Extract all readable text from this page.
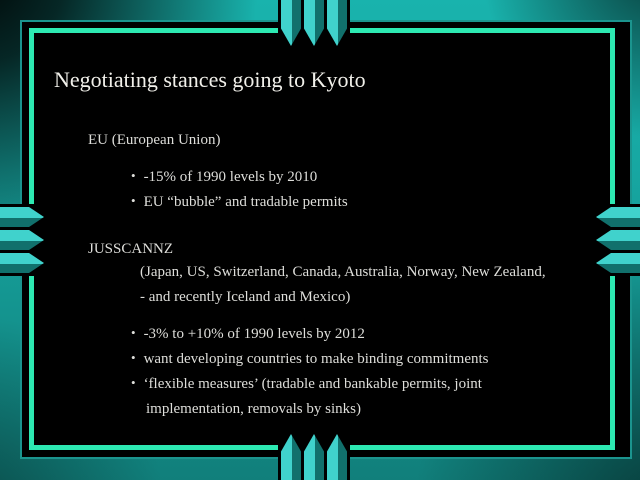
Negotiating stances going to Kyoto
EU (European Union)
• -15% of 1990 levels by 2010
• EU “bubble” and tradable permits
JUSSCANNZ
(Japan, US, Switzerland, Canada, Australia, Norway, New Zealand,
- and recently Iceland and Mexico)
• -3% to +10% of 1990 levels by 2012
• want developing countries to make binding commitments
• ‘flexible measures’ (tradable and bankable permits, joint
implementation, removals by sinks)
